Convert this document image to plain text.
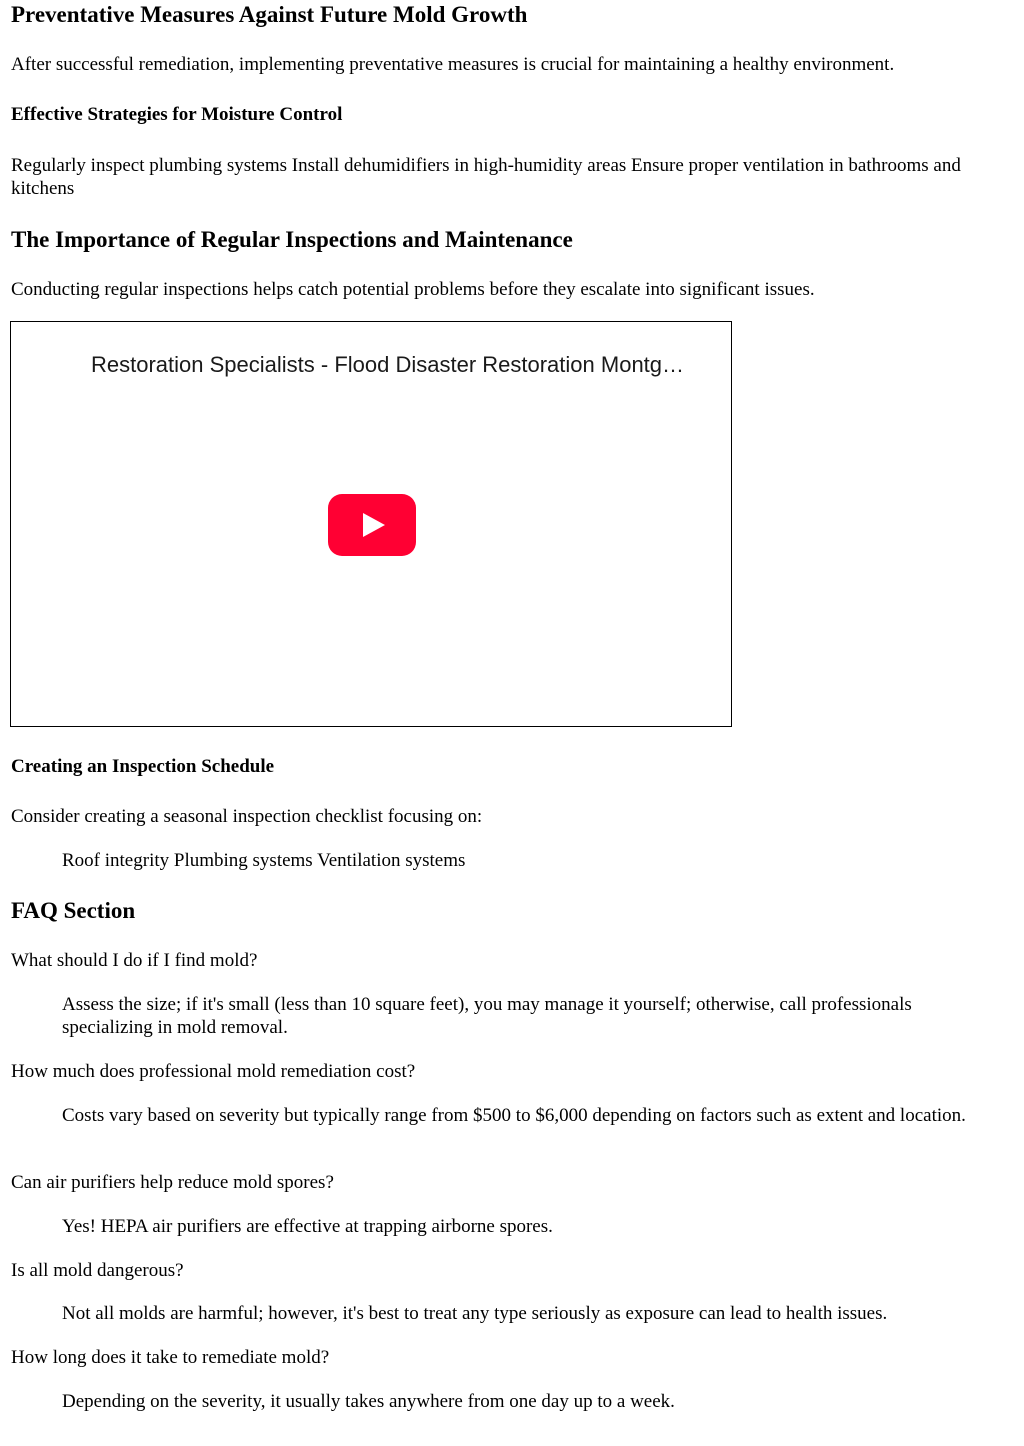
Preventative Measures Against Future Mold Growth

After successful remediation, implementing preventative measures is crucial for maintaining a healthy environment.

Effective Strategies for Moisture Control

Regularly inspect plumbing systems Install dehumidifiers in high-humidity areas Ensure proper ventilation in bathrooms and kitchens

The Importance of Regular Inspections and Maintenance

Conducting regular inspections helps catch potential problems before they escalate into significant issues.

Restoration Specialists - Flood Disaster Restoration Montg…
Creating an Inspection Schedule

Consider creating a seasonal inspection checklist focusing on:

Roof integrity Plumbing systems Ventilation systems
FAQ Section

What should I do if I find mold?

Assess the size; if it's small (less than 10 square feet), you may manage it yourself; otherwise, call professionals specializing in mold removal.

How much does professional mold remediation cost?

Costs vary based on severity but typically range from $500 to $6,000 depending on factors such as extent and location.

Can air purifiers help reduce mold spores?

Yes! HEPA air purifiers are effective at trapping airborne spores.

Is all mold dangerous?

Not all molds are harmful; however, it's best to treat any type seriously as exposure can lead to health issues.

How long does it take to remediate mold?

Depending on the severity, it usually takes anywhere from one day up to a week.
